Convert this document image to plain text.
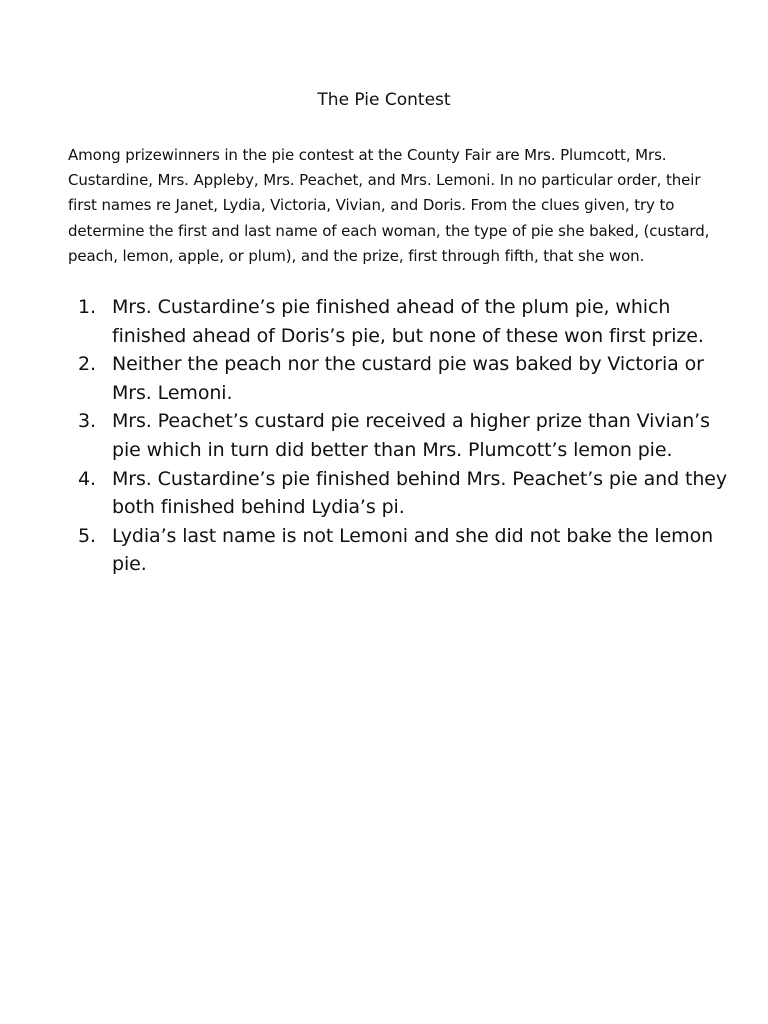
The Pie Contest
Among prizewinners in the pie contest at the County Fair are Mrs. Plumcott, Mrs. Custardine, Mrs. Appleby, Mrs. Peachet, and Mrs. Lemoni. In no particular order, their first names re Janet, Lydia, Victoria, Vivian, and Doris. From the clues given, try to determine the first and last name of each woman, the type of pie she baked, (custard, peach, lemon, apple, or plum), and the prize, first through fifth, that she won.
1. Mrs. Custardine’s pie finished ahead of the plum pie, which finished ahead of Doris’s pie, but none of these won first prize.
2. Neither the peach nor the custard pie was baked by Victoria or Mrs. Lemoni.
3. Mrs. Peachet’s custard pie received a higher prize than Vivian’s pie which in turn did better than Mrs. Plumcott’s lemon pie.
4. Mrs. Custardine’s pie finished behind Mrs. Peachet’s pie and they both finished behind Lydia’s pi.
5. Lydia’s last name is not Lemoni and she did not bake the lemon pie.
